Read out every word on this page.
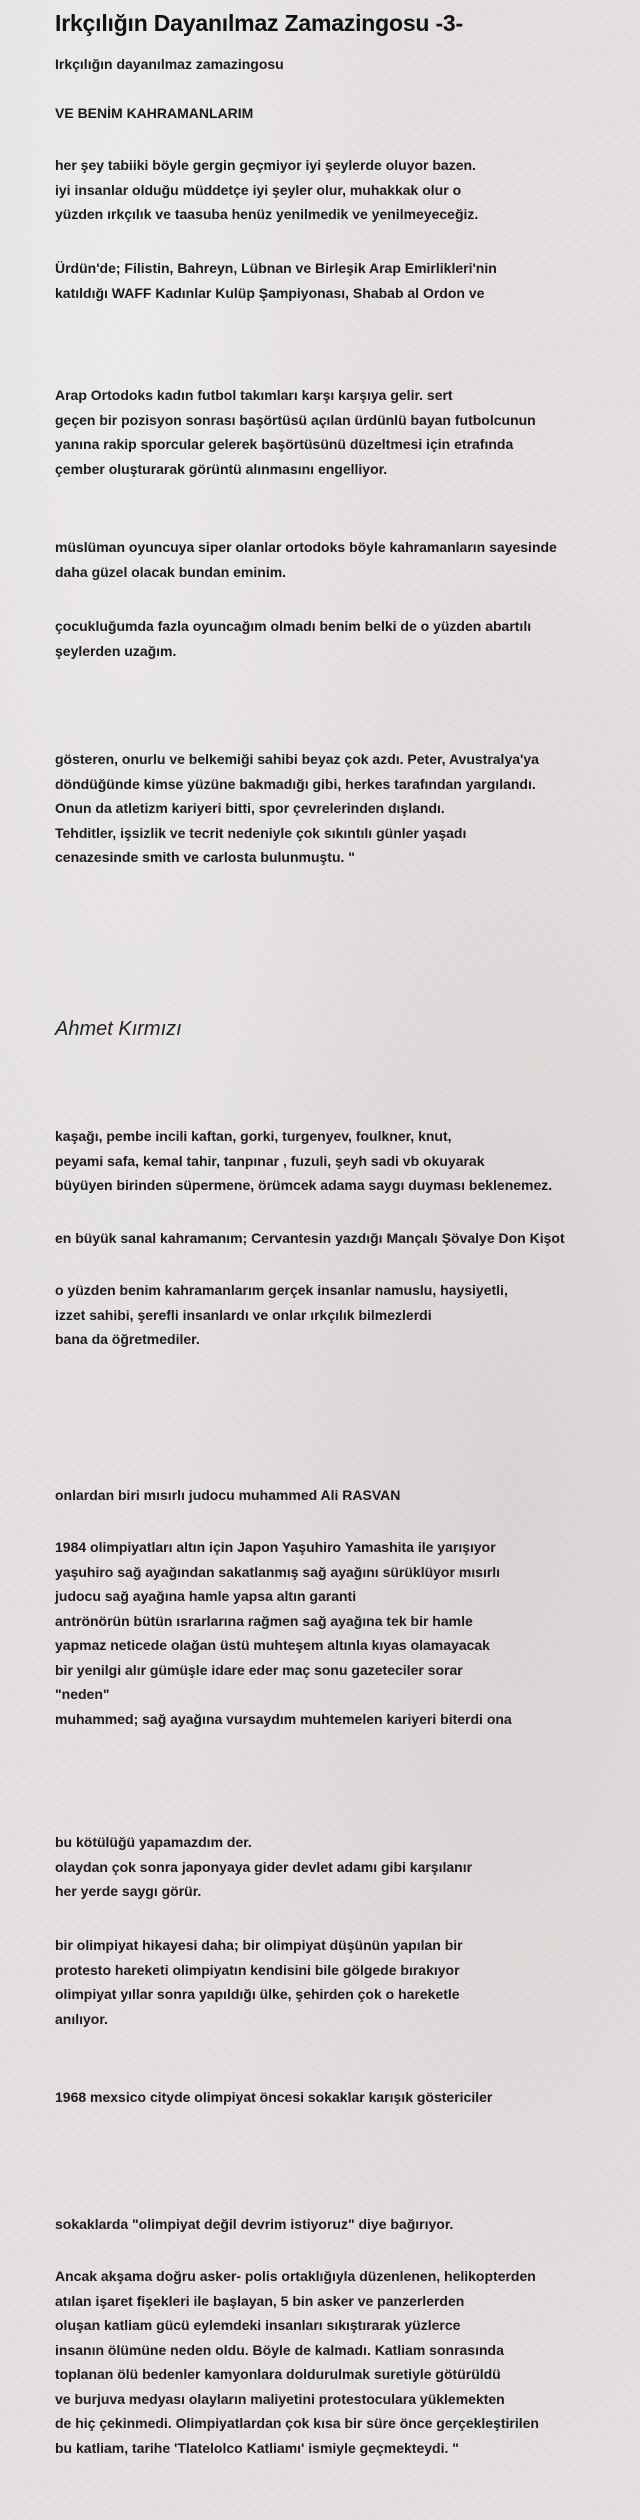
Irkçılığın Dayanılmaz Zamazingosu -3-
Irkçılığın dayanılmaz zamazingosu

VE BENİM KAHRAMANLARIM

her şey tabiiki böyle gergin geçmiyor iyi şeylerde oluyor bazen.
iyi insanlar olduğu müddetçe iyi şeyler olur, muhakkak olur o
yüzden ırkçılık ve taasuba henüz yenilmedik ve yenilmeyeceğiz.

Ürdün'de; Filistin, Bahreyn, Lübnan ve Birleşik Arap Emirlikleri'nin
katıldığı WAFF Kadınlar Kulüp Şampiyonası, Shabab al Ordon ve

Arap Ortodoks kadın futbol takımları karşı karşıya gelir. sert
geçen bir pozisyon sonrası başörtüsü açılan ürdünlü bayan futbolcunun
yanına rakip sporcular gelerek başörtüsünü düzeltmesi için etrafında
çember oluşturarak görüntü alınmasını engelliyor.

müslüman oyuncuya siper olanlar ortodoks böyle kahramanların sayesinde
daha güzel olacak bundan eminim.

çocukluğumda fazla oyuncağım olmadı benim belki de o yüzden abartılı
şeylerden uzağım.

gösteren, onurlu ve belkemiği sahibi beyaz çok azdı. Peter, Avustralya'ya
döndüğünde kimse yüzüne bakmadığı gibi, herkes tarafından yargılandı.
Onun da atletizm kariyeri bitti, spor çevrelerinden dışlandı.
Tehditler, işsizlik ve tecrit nedeniyle çok sıkıntılı günler yaşadı
cenazesinde smith ve carlosta bulunmuştu. "

Ahmet Kırmızı

kaşağı, pembe incili kaftan, gorki, turgenyev, foulkner, knut,
peyami safa, kemal tahir, tanpınar , fuzuli, şeyh sadi vb okuyarak
büyüyen birinden süpermene, örümcek adama saygı duyması beklenemez.

en büyük sanal kahramanım; Cervantesin yazdığı Mançalı Şövalye Don Kişot

o yüzden benim kahramanlarım gerçek insanlar namuslu, haysiyetli,
izzet sahibi, şerefli insanlardı ve onlar ırkçılık bilmezlerdi
bana da öğretmediler.

onlardan biri mısırlı judocu muhammed Ali RASVAN

1984 olimpiyatları altın için Japon Yaşuhiro Yamashita ile yarışıyor
yaşuhiro sağ ayağından sakatlanmış sağ ayağını sürüklüyor mısırlı
judocu sağ ayağına hamle yapsa altın garanti
antrönörün bütün ısrarlarına rağmen sağ ayağına tek bir hamle
yapmaz neticede olağan üstü muhteşem altınla kıyas olamayacak
bir yenilgi alır gümüşle idare eder maç sonu gazeteciler sorar
"neden"
muhammed; sağ ayağına vursaydım muhtemelen kariyeri biterdi ona

bu kötülüğü yapamazdım der.
olaydan çok sonra japonyaya gider devlet adamı gibi karşılanır
her yerde saygı görür.

bir olimpiyat hikayesi daha; bir olimpiyat düşünün yapılan bir
protesto hareketi olimpiyatın kendisini bile gölgede bırakıyor
olimpiyat yıllar sonra yapıldığı ülke, şehirden çok o hareketle
anılıyor.

1968 mexsico cityde olimpiyat öncesi sokaklar karışık göstericiler

sokaklarda "olimpiyat değil devrim istiyoruz" diye bağırıyor.

Ancak akşama doğru asker- polis ortaklığıyla düzenlenen, helikopterden
atılan işaret fişekleri ile başlayan, 5 bin asker ve panzerlerden
oluşan katliam gücü eylemdeki insanları sıkıştırarak yüzlerce
insanın ölümüne neden oldu. Böyle de kalmadı. Katliam sonrasında
toplanan ölü bedenler kamyonlara doldurulmak suretiyle götürüldü
ve burjuva medyası olayların maliyetini protestoculara yüklemekten
de hiç çekinmedi. Olimpiyatlardan çok kısa bir süre önce gerçekleştirilen
bu katliam, tarihe 'Tlatelolco Katliamı' ismiyle geçmekteydi. "
